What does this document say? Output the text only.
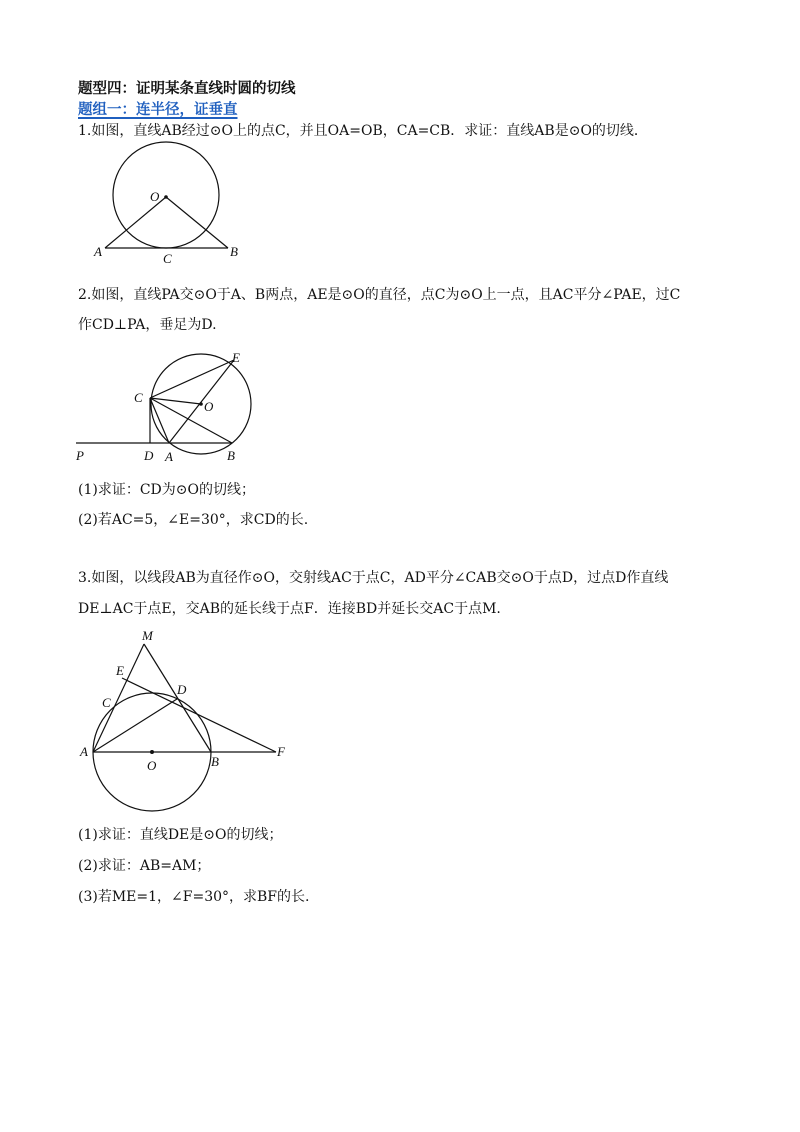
题型四：证明某条直线时圆的切线
题组一：连半径，证垂直
1.如图，直线AB经过⊙O上的点C，并且OA=OB，CA=CB．求证：直线AB是⊙O的切线．
O
A	B
C
2.如图，直线PA交⊙O于A、B两点，AE是⊙O的直径，点C为⊙O上一点，且AC平分∠PAE，过C
作CD⊥PA，垂足为D.
E
C
O
P	D A	B
(1)求证：CD为⊙O的切线；
(2)若AC=5，∠E=30°，求CD的长.
3.如图，以线段AB为直径作⊙O，交射线AC于点C，AD平分∠CAB交⊙O于点D，过点D作直线
DE⊥AC于点E，交AB的延长线于点F．连接BD并延长交AC于点M.
M
E
D
C
A
O	B
F
(1)求证：直线DE是⊙O的切线；
(2)求证：AB=AM；
(3)若ME=1，∠F=30°，求BF的长.
